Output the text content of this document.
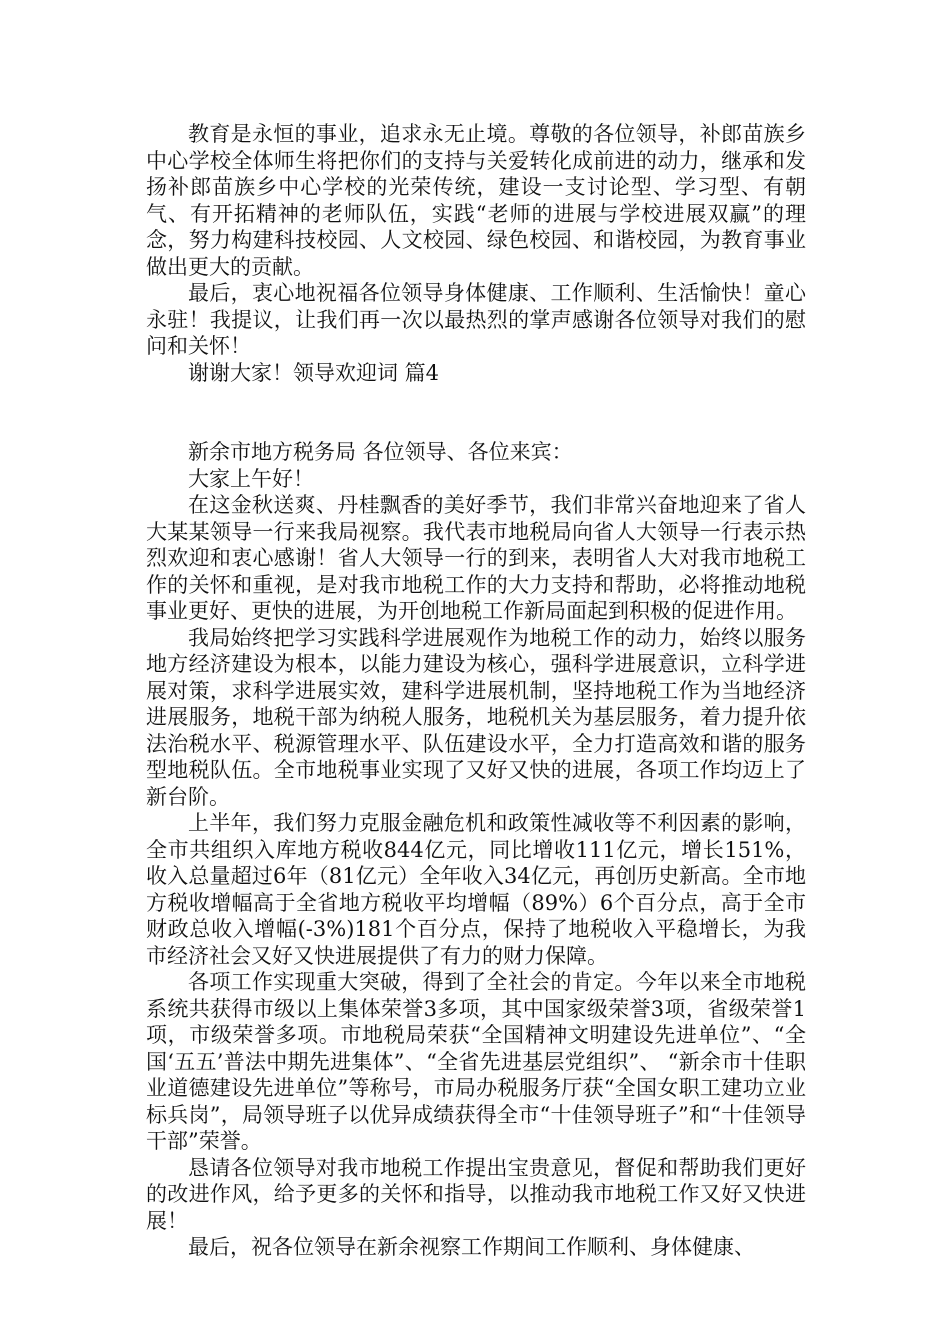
教育是永恒的事业，追求永无止境。尊敬的各位领导，补郎苗族乡中心学校全体师生将把你们的支持与关爱转化成前进的动力，继承和发扬补郎苗族乡中心学校的光荣传统，建设一支讨论型、学习型、有朝气、有开拓精神的老师队伍，实践“老师的进展与学校进展双赢”的理念，努力构建科技校园、人文校园、绿色校园、和谐校园，为教育事业做出更大的贡献。

最后，衷心地祝福各位领导身体健康、工作顺利、生活愉快！童心永驻！我提议，让我们再一次以最热烈的掌声感谢各位领导对我们的慰问和关怀！

谢谢大家！领导欢迎词 篇4

新余市地方税务局 各位领导、各位来宾：

大家上午好！

在这金秋送爽、丹桂飘香的美好季节，我们非常兴奋地迎来了省人大某某领导一行来我局视察。我代表市地税局向省人大领导一行表示热烈欢迎和衷心感谢！省人大领导一行的到来，表明省人大对我市地税工作的关怀和重视，是对我市地税工作的大力支持和帮助，必将推动地税事业更好、更快的进展，为开创地税工作新局面起到积极的促进作用。

我局始终把学习实践科学进展观作为地税工作的动力，始终以服务地方经济建设为根本，以能力建设为核心，强科学进展意识，立科学进展对策，求科学进展实效，建科学进展机制，坚持地税工作为当地经济进展服务，地税干部为纳税人服务，地税机关为基层服务，着力提升依法治税水平、税源管理水平、队伍建设水平，全力打造高效和谐的服务型地税队伍。全市地税事业实现了又好又快的进展，各项工作均迈上了新台阶。

上半年，我们努力克服金融危机和政策性减收等不利因素的影响，全市共组织入库地方税收844亿元，同比增收111亿元，增长151%，收入总量超过6年（81亿元）全年收入34亿元，再创历史新高。全市地方税收增幅高于全省地方税收平均增幅（89%）6个百分点，高于全市财政总收入增幅(-3%)181个百分点，保持了地税收入平稳增长，为我市经济社会又好又快进展提供了有力的财力保障。

各项工作实现重大突破，得到了全社会的肯定。今年以来全市地税系统共获得市级以上集体荣誉3多项，其中国家级荣誉3项，省级荣誉1项，市级荣誉多项。市地税局荣获“全国精神文明建设先进单位”、“全国‘五五’普法中期先进集体”、“全省先进基层党组织”、 “新余市十佳职业道德建设先进单位”等称号，市局办税服务厅获“全国女职工建功立业标兵岗”，局领导班子以优异成绩获得全市“十佳领导班子”和“十佳领导干部”荣誉。

恳请各位领导对我市地税工作提出宝贵意见，督促和帮助我们更好的改进作风，给予更多的关怀和指导，以推动我市地税工作又好又快进展！

最后，祝各位领导在新余视察工作期间工作顺利、身体健康、
